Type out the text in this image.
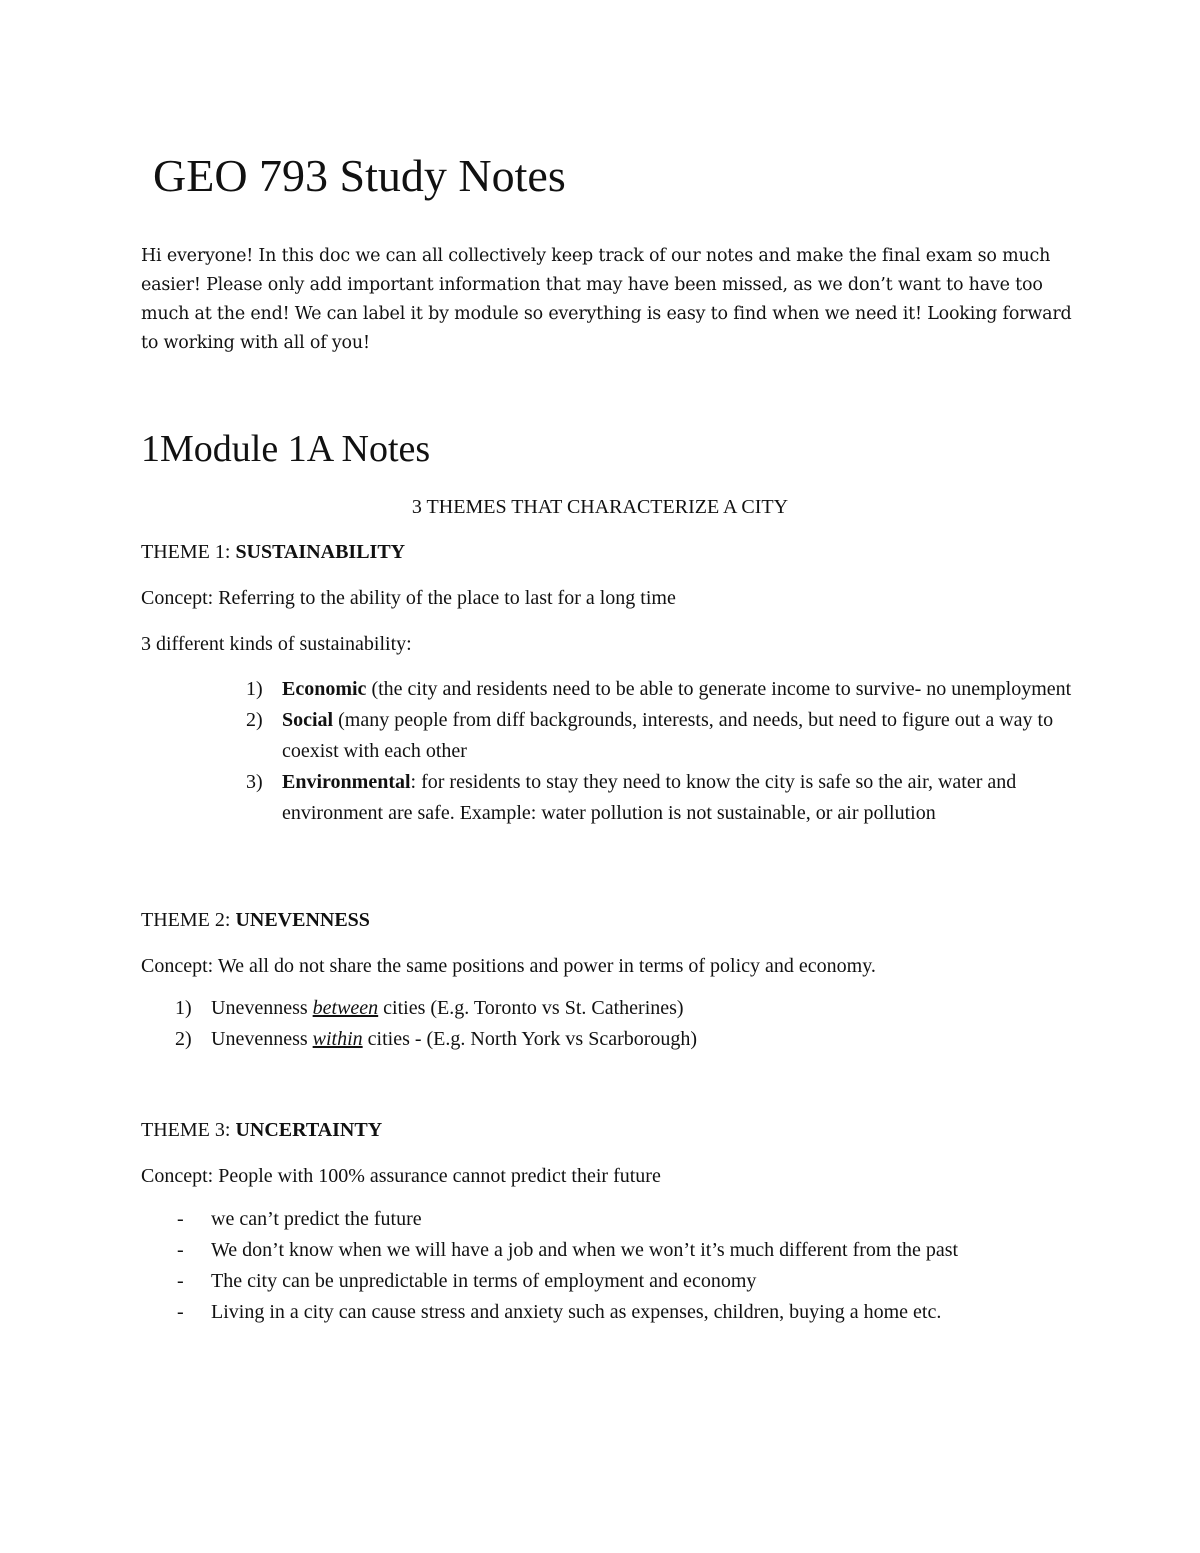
GEO 793 Study Notes

Hi everyone! In this doc we can all collectively keep track of our notes and make the final exam so much easier! Please only add important information that may have been missed, as we don’t want to have too much at the end! We can label it by module so everything is easy to find when we need it! Looking forward to working with all of you!

1Module 1A Notes
3 THEMES THAT CHARACTERIZE A CITY
THEME 1: SUSTAINABILITY
Concept: Referring to the ability of the place to last for a long time
3 different kinds of sustainability:
1) Economic (the city and residents need to be able to generate income to survive- no unemployment
2) Social (many people from diff backgrounds, interests, and needs, but need to figure out a way to coexist with each other
3) Environmental: for residents to stay they need to know the city is safe so the air, water and environment are safe. Example: water pollution is not sustainable, or air pollution
THEME 2: UNEVENNESS
Concept: We all do not share the same positions and power in terms of policy and economy.
1) Unevenness between cities (E.g. Toronto vs St. Catherines)
2) Unevenness within cities - (E.g. North York vs Scarborough)
THEME 3: UNCERTAINTY
Concept: People with 100% assurance cannot predict their future
-	we can’t predict the future
-	We don’t know when we will have a job and when we won’t it’s much different from the past
-	The city can be unpredictable in terms of employment and economy
-	Living in a city can cause stress and anxiety such as expenses, children, buying a home etc.
